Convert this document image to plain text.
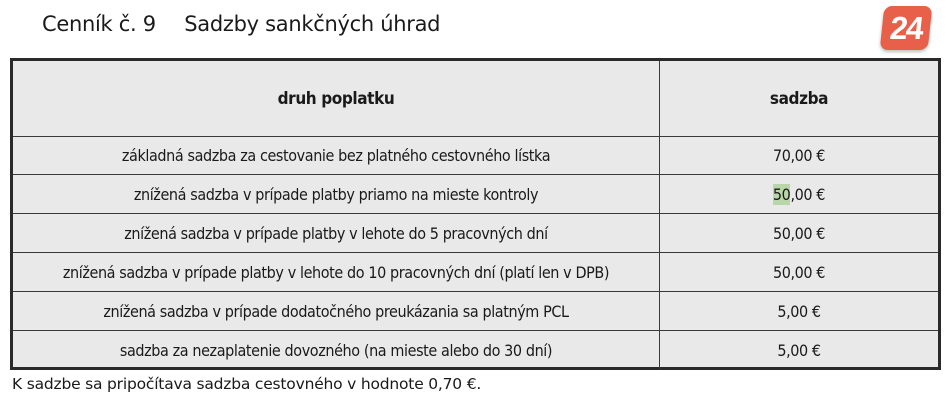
Cenník č. 9 Sadzby sankčných úhrad	24
druh poplatku	sadzba
základná sadzba za cestovanie bez platného cestovného lístka	70,00 €
znížená sadzba v prípade platby priamo na mieste kontroly	50 ,00 €
znížená sadzba v prípade platby v lehote do 5 pracovných dní	50,00 €
znížená sadzba v prípade platby v lehote do 10 pracovných dní (platí len v DPB)	50,00 €
znížená sadzba v prípade dodatočného preukázania sa platným PCL	5,00 €
sadzba za nezaplatenie dovozného (na mieste alebo do 30 dní)	5,00 €
K sadzbe sa pripočítava sadzba cestovného v hodnote 0,70 €.
